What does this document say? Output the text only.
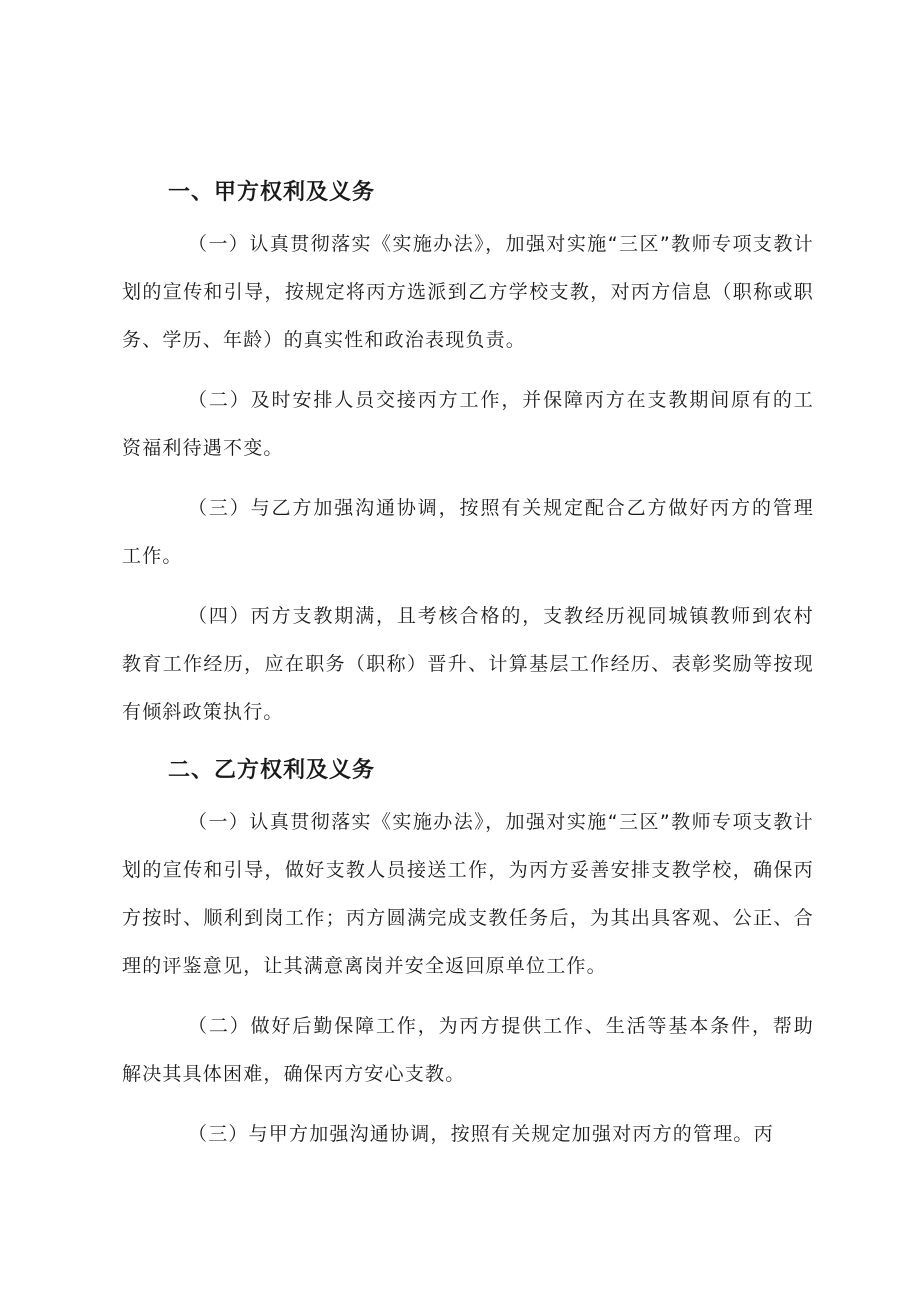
一、甲方权利及义务

（一）认真贯彻落实《实施办法》，加强对实施“三区”教师专项支教计划的宣传和引导，按规定将丙方选派到乙方学校支教，对丙方信息（职称或职务、学历、年龄）的真实性和政治表现负责。

（二）及时安排人员交接丙方工作，并保障丙方在支教期间原有的工资福利待遇不变。

（三）与乙方加强沟通协调，按照有关规定配合乙方做好丙方的管理工作。

（四）丙方支教期满，且考核合格的，支教经历视同城镇教师到农村教育工作经历，应在职务（职称）晋升、计算基层工作经历、表彰奖励等按现有倾斜政策执行。

二、乙方权利及义务

（一）认真贯彻落实《实施办法》，加强对实施“三区”教师专项支教计划的宣传和引导，做好支教人员接送工作，为丙方妥善安排支教学校，确保丙方按时、顺利到岗工作；丙方圆满完成支教任务后，为其出具客观、公正、合理的评鉴意见，让其满意离岗并安全返回原单位工作。

（二）做好后勤保障工作，为丙方提供工作、生活等基本条件，帮助解决其具体困难，确保丙方安心支教。

（三）与甲方加强沟通协调，按照有关规定加强对丙方的管理。丙
